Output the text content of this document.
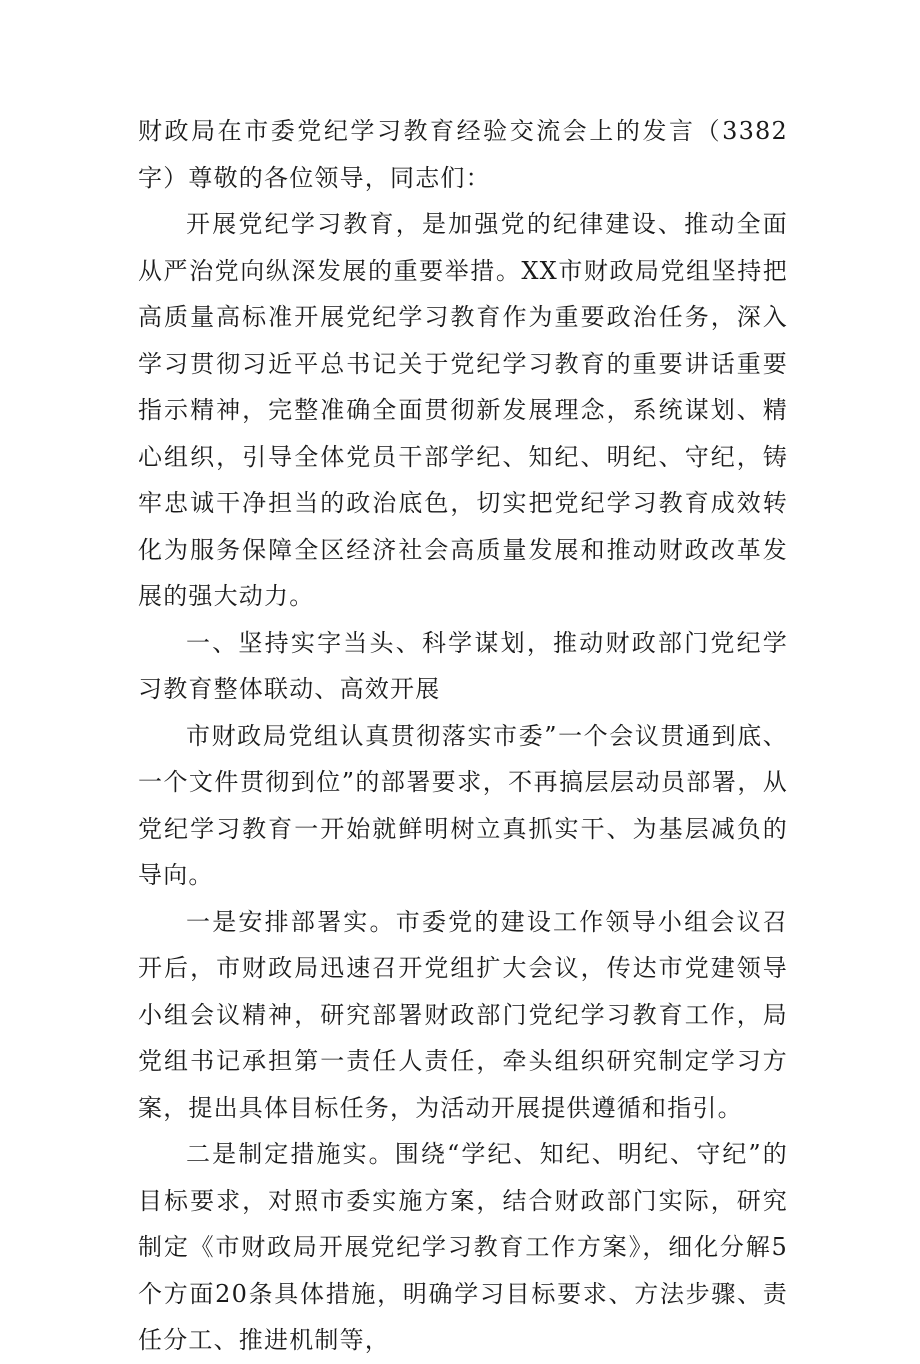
财政局在市委党纪学习教育经验交流会上的发言（3382字）尊敬的各位领导，同志们：

开展党纪学习教育，是加强党的纪律建设、推动全面从严治党向纵深发展的重要举措。XX市财政局党组坚持把高质量高标准开展党纪学习教育作为重要政治任务，深入学习贯彻习近平总书记关于党纪学习教育的重要讲话重要指示精神，完整准确全面贯彻新发展理念，系统谋划、精心组织，引导全体党员干部学纪、知纪、明纪、守纪，铸牢忠诚干净担当的政治底色，切实把党纪学习教育成效转化为服务保障全区经济社会高质量发展和推动财政改革发展的强大动力。

一、坚持实字当头、科学谋划，推动财政部门党纪学习教育整体联动、高效开展

市财政局党组认真贯彻落实市委”一个会议贯通到底、一个文件贯彻到位”的部署要求，不再搞层层动员部署，从党纪学习教育一开始就鲜明树立真抓实干、为基层减负的导向。

一是安排部署实。市委党的建设工作领导小组会议召开后，市财政局迅速召开党组扩大会议，传达市党建领导小组会议精神，研究部署财政部门党纪学习教育工作，局党组书记承担第一责任人责任，牵头组织研究制定学习方案，提出具体目标任务，为活动开展提供遵循和指引。

二是制定措施实。围绕“学纪、知纪、明纪、守纪”的目标要求，对照市委实施方案，结合财政部门实际，研究制定《市财政局开展党纪学习教育工作方案》，细化分解5个方面20条具体措施，明确学习目标要求、方法步骤、责任分工、推进机制等，
